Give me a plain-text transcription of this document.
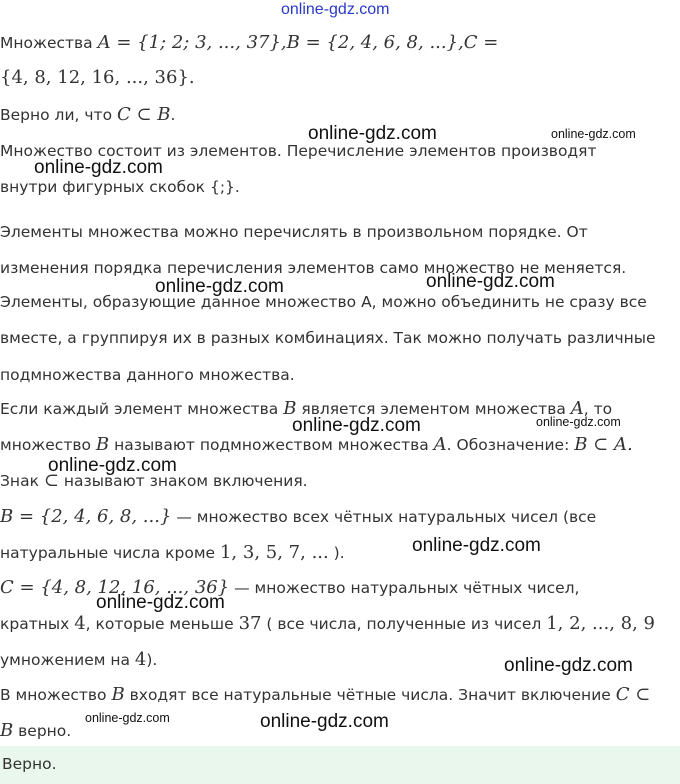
online-gdz.com
Множества A = {1; 2; 3, ..., 37},B = {2, 4, 6, 8, ...},C =
{4, 8, 12, 16, ..., 36}.
Верно ли, что C ⊂ B.
Множество состоит из элементов. Перечисление элементов производят
внутри фигурных скобок {;}.
Элементы множества можно перечислять в произвольном порядке. От
изменения порядка перечисления элементов само множество не меняется.
Элементы, образующие данное множество А, можно объединить не сразу все
вместе, а группируя их в разных комбинациях. Так можно получать различные
подмножества данного множества.
Если каждый элемент множества B является элементом множества A, то
множество B называют подмножеством множества A. Обозначение: B ⊂ A.
Знак ⊂ называют знаком включения.
B = {2, 4, 6, 8, ...} — множество всех чётных натуральных чисел (все
натуральные числа кроме 1, 3, 5, 7, ... ).
C = {4, 8, 12, 16, ..., 36} — множество натуральных чётных чисел,
кратных 4, которые меньше 37 ( все числа, полученные из чисел 1, 2, ..., 8, 9
умножением на 4).
В множество B входят все натуральные чётные числа. Значит включение C ⊂
B верно.
Верно.
online-gdz.com	online-gdz.com
online-gdz.com
online-gdz.com
online-gdz.com
online-gdz.com	online-gdz.com
online-gdz.com
online-gdz.com
online-gdz.com
online-gdz.com
online-gdz.com	online-gdz.com
